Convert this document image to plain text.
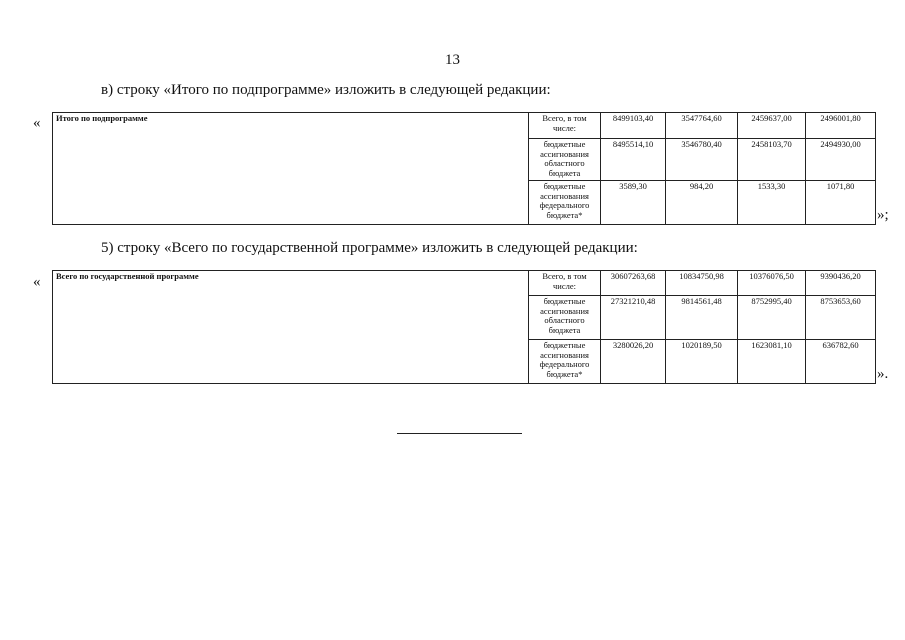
13
в) строку «Итого по подпрограмме» изложить в следующей редакции:
« Итого по подпрограмме	Всего, в том числе:	8499103,40	3547764,60	2459637,00	2496001,80
	бюджетные ассигнования областного бюджета	8495514,10	3546780,40	2458103,70	2494930,00
	бюджетные ассигнования федерального бюджета*	3589,30	984,20	1533,30	1071,80
»;
5) строку «Всего по государственной программе» изложить в следующей редакции:
« Всего по государственной программе	Всего, в том числе:	30607263,68	10834750,98	10376076,50	9390436,20
	бюджетные ассигнования областного бюджета	27321210,48	9814561,48	8752995,40	8753653,60
	бюджетные ассигнования федерального бюджета*	3280026,20	1020189,50	1623081,10	636782,60
».
